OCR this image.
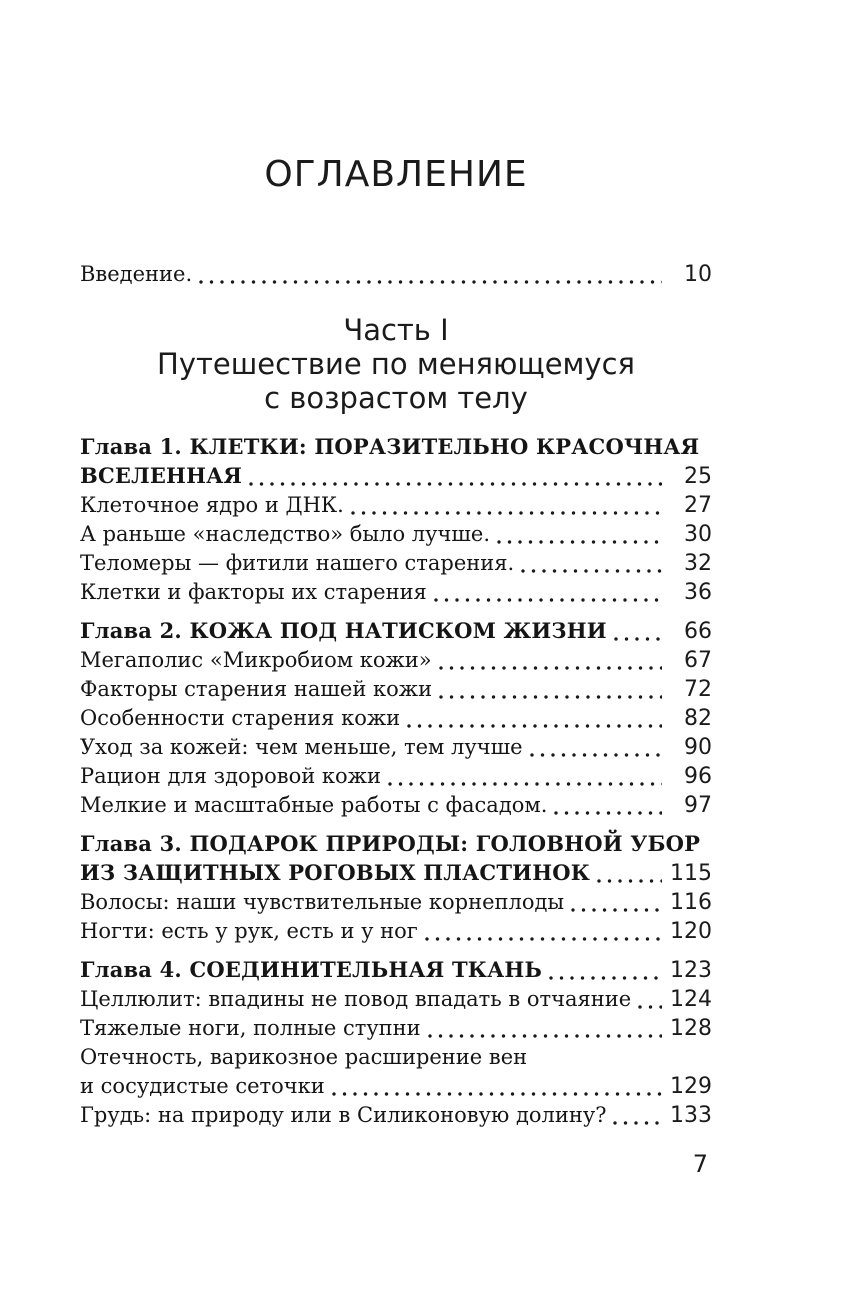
ОГЛАВЛЕНИЕ
Введение.	10
Часть I
Путешествие по меняющемуся
с возрастом телу
Глава 1. КЛЕТКИ: ПОРАЗИТЕЛЬНО КРАСОЧНАЯ
ВСЕЛЕННАЯ	25
Клеточное ядро и ДНК.	27
А раньше «наследство» было лучше.	30
Теломеры — фитили нашего старения.	32
Клетки и факторы их старения	36
Глава 2. КОЖА ПОД НАТИСКОМ ЖИЗНИ	66
Мегаполис «Микробиом кожи»	67
Факторы старения нашей кожи	72
Особенности старения кожи	82
Уход за кожей: чем меньше, тем лучше	90
Рацион для здоровой кожи	96
Мелкие и масштабные работы с фасадом.	97
Глава 3. ПОДАРОК ПРИРОДЫ: ГОЛОВНОЙ УБОР
ИЗ ЗАЩИТНЫХ РОГОВЫХ ПЛАСТИНОК	115
Волосы: наши чувствительные корнеплоды	116
Ногти: есть у рук, есть и у ног	120
Глава 4. СОЕДИНИТЕЛЬНАЯ ТКАНЬ	123
Целлюлит: впадины не повод впадать в отчаяние 124
Тяжелые ноги, полные ступни	128
Отечность, варикозное расширение вен
и сосудистые сеточки	129
Грудь: на природу или в Силиконовую долину?	133
7
